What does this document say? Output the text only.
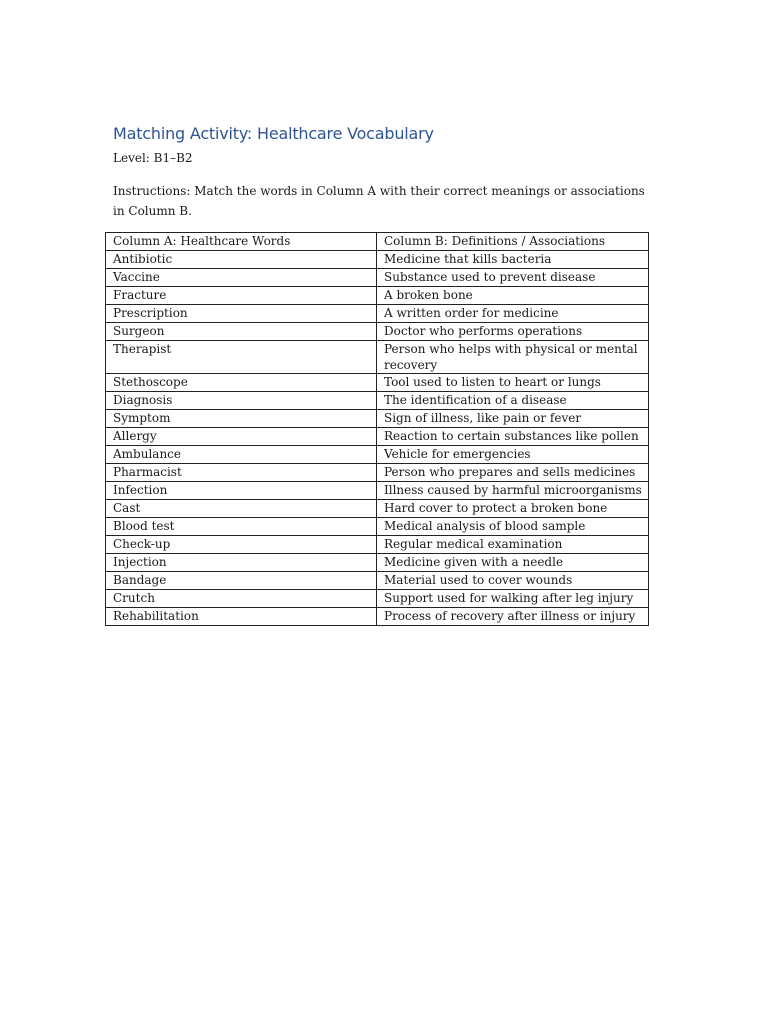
Matching Activity: Healthcare Vocabulary

Level: B1–B2

Instructions: Match the words in Column A with their correct meanings or associations in Column B.

Column A: Healthcare Words	Column B: Definitions / Associations
Antibiotic	Medicine that kills bacteria
Vaccine	Substance used to prevent disease
Fracture	A broken bone
Prescription	A written order for medicine
Surgeon	Doctor who performs operations
Therapist	Person who helps with physical or mental recovery
Stethoscope	Tool used to listen to heart or lungs
Diagnosis	The identification of a disease
Symptom	Sign of illness, like pain or fever
Allergy	Reaction to certain substances like pollen
Ambulance	Vehicle for emergencies
Pharmacist	Person who prepares and sells medicines
Infection	Illness caused by harmful microorganisms
Cast	Hard cover to protect a broken bone
Blood test	Medical analysis of blood sample
Check-up	Regular medical examination
Injection	Medicine given with a needle
Bandage	Material used to cover wounds
Crutch	Support used for walking after leg injury
Rehabilitation	Process of recovery after illness or injury
